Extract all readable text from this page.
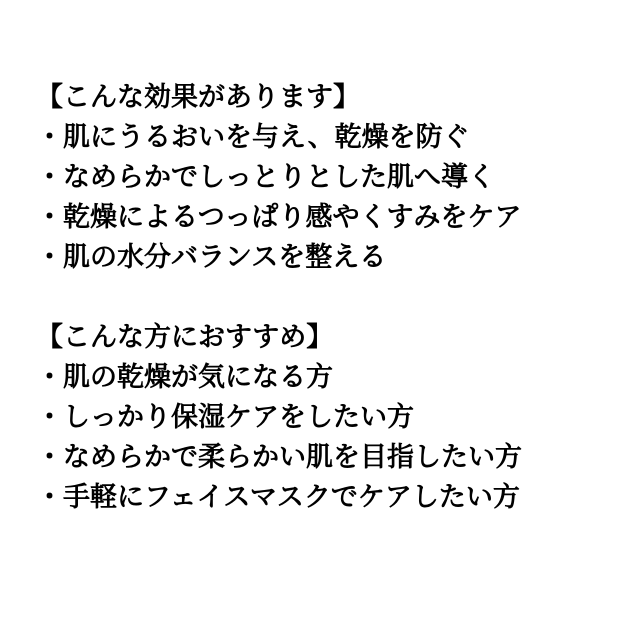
【こんな効果があります】
・肌にうるおいを与え、乾燥を防ぐ
・なめらかでしっとりとした肌へ導く
・乾燥によるつっぱり感やくすみをケア
・肌の水分バランスを整える
【こんな方におすすめ】
・肌の乾燥が気になる方
・しっかり保湿ケアをしたい方
・なめらかで柔らかい肌を目指したい方
・手軽にフェイスマスクでケアしたい方
